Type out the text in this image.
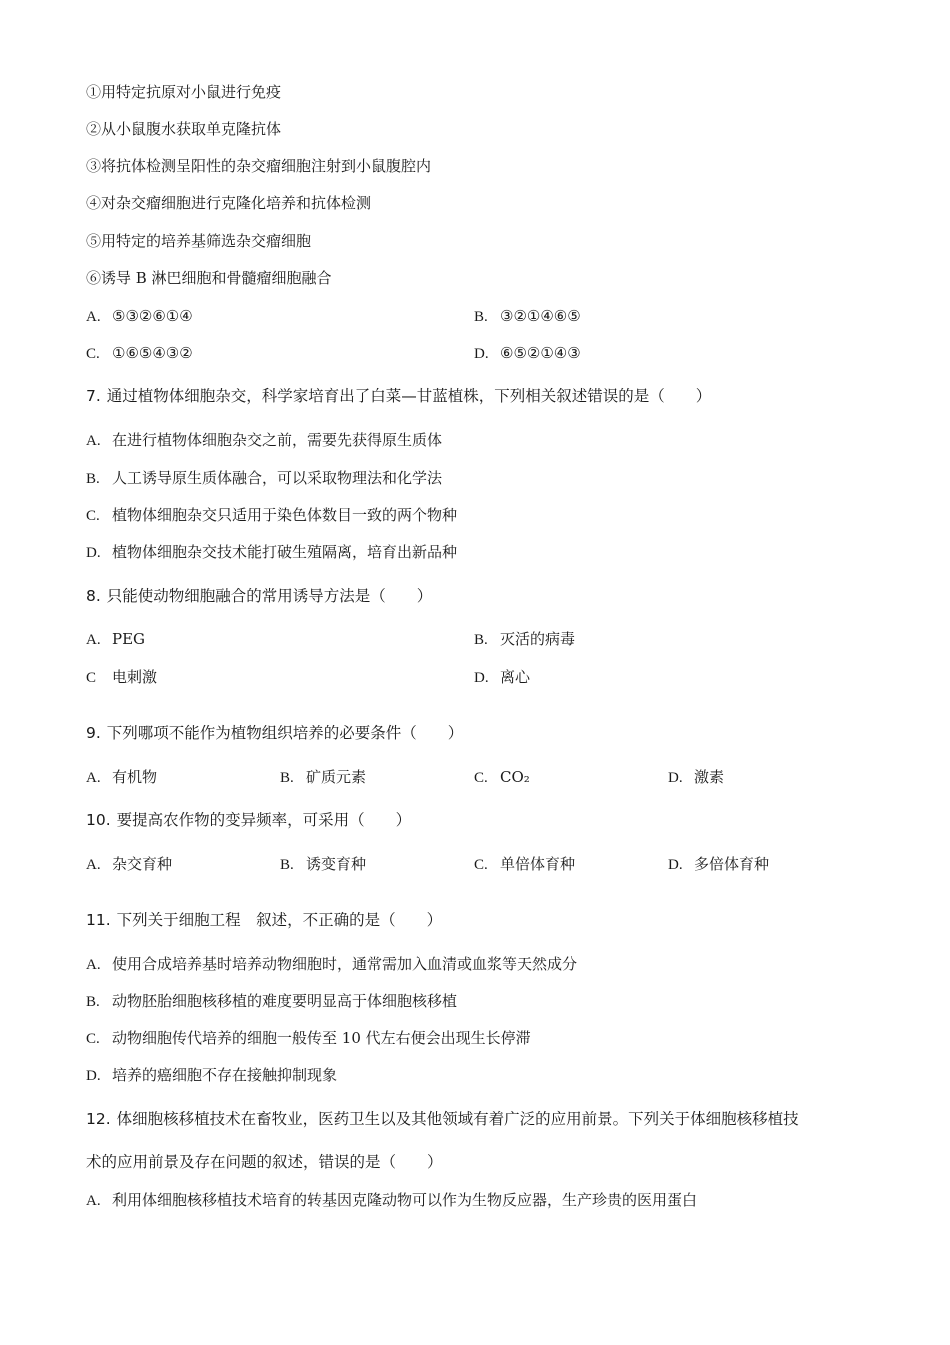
①用特定抗原对小鼠进行免疫
②从小鼠腹水获取单克隆抗体
③将抗体检测呈阳性的杂交瘤细胞注射到小鼠腹腔内
④对杂交瘤细胞进行克隆化培养和抗体检测
⑤用特定的培养基筛选杂交瘤细胞
⑥诱导 B 淋巴细胞和骨髓瘤细胞融合
A. ⑤③②⑥①④	B. ③②①④⑥⑤
C. ①⑥⑤④③②	D. ⑥⑤②①④③
7. 通过植物体细胞杂交，科学家培育出了白菜—甘蓝植株，下列相关叙述错误的是（　　）
A. 在进行植物体细胞杂交之前，需要先获得原生质体
B. 人工诱导原生质体融合，可以采取物理法和化学法
C. 植物体细胞杂交只适用于染色体数目一致的两个物种
D. 植物体细胞杂交技术能打破生殖隔离，培育出新品种
8. 只能使动物细胞融合的常用诱导方法是（　　）
A. PEG	B. 灭活的病毒
C 电刺激	D. 离心
9. 下列哪项不能作为植物组织培养的必要条件（　　）
A. 有机物	B. 矿质元素	C. CO₂	D. 激素
10. 要提高农作物的变异频率，可采用（　　）
A. 杂交育种	B. 诱变育种	C. 单倍体育种	D. 多倍体育种
11. 下列关于细胞工程　叙述，不正确的是（　　）
A. 使用合成培养基时培养动物细胞时，通常需加入血清或血浆等天然成分
B. 动物胚胎细胞核移植的难度要明显高于体细胞核移植
C. 动物细胞传代培养的细胞一般传至 10 代左右便会出现生长停滞
D. 培养的癌细胞不存在接触抑制现象
12. 体细胞核移植技术在畜牧业，医药卫生以及其他领域有着广泛的应用前景。下列关于体细胞核移植技
术的应用前景及存在问题的叙述，错误的是（　　）
A. 利用体细胞核移植技术培育的转基因克隆动物可以作为生物反应器，生产珍贵的医用蛋白
